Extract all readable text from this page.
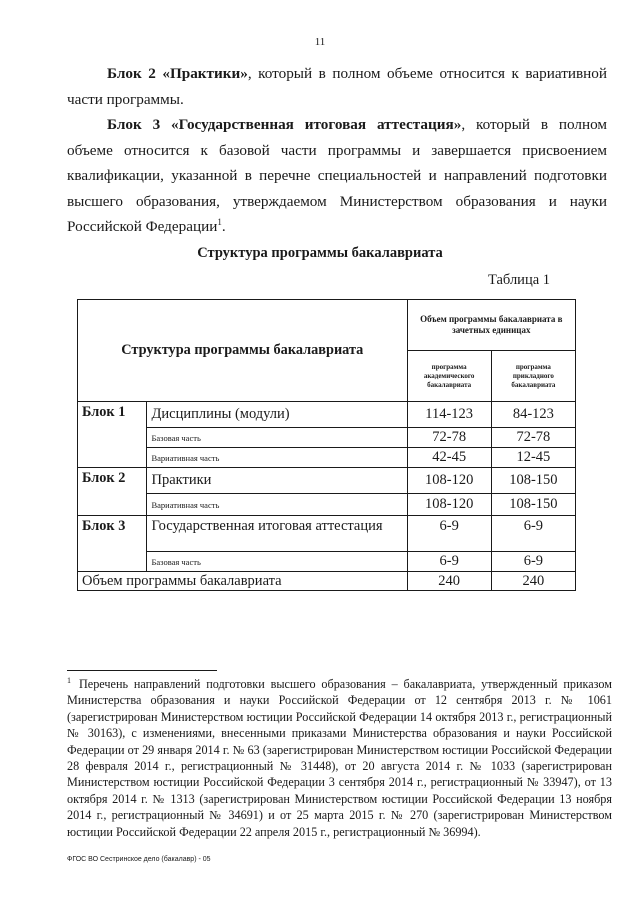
11

Блок 2 «Практики», который в полном объеме относится к вариативной части программы.

Блок 3 «Государственная итоговая аттестация», который в полном объеме относится к базовой части программы и завершается присвоением квалификации, указанной в перечне специальностей и направлений подготовки высшего образования, утверждаемом Министерством образования и науки Российской Федерации$^1$.

Структура программы бакалавриата
Таблица 1
Структура программы бакалавриата		Объем программы бакалавриата в зачетных единицах	
		программа академического бакалавриата	программа прикладного бакалавриата
Блок 1	Дисциплины (модули)	114-123	84-123
	Базовая часть	72-78	72-78
	Вариативная часть	42-45	12-45
Блок 2	Практики	108-120	108-150
	Вариативная часть	108-120	108-150
Блок 3	Государственная итоговая аттестация	6-9	6-9
	Базовая часть	6-9	6-9
Объем программы бакалавриата		240	240

$^1$ Перечень направлений подготовки высшего образования – бакалавриата, утвержденный приказом Министерства образования и науки Российской Федерации от 12 сентября 2013 г. № 1061 (зарегистрирован Министерством юстиции Российской Федерации 14 октября 2013 г., регистрационный № 30163), с изменениями, внесенными приказами Министерства образования и науки Российской Федерации от 29 января 2014 г. № 63 (зарегистрирован Министерством юстиции Российской Федерации 28 февраля 2014 г., регистрационный № 31448), от 20 августа 2014 г. № 1033 (зарегистрирован Министерством юстиции Российской Федерации 3 сентября 2014 г., регистрационный № 33947), от 13 октября 2014 г. № 1313 (зарегистрирован Министерством юстиции Российской Федерации 13 ноября 2014 г., регистрационный № 34691) и от 25 марта 2015 г. № 270 (зарегистрирован Министерством юстиции Российской Федерации 22 апреля 2015 г., регистрационный № 36994).

ФГОС ВО Сестринское дело (бакалавр) - 05
